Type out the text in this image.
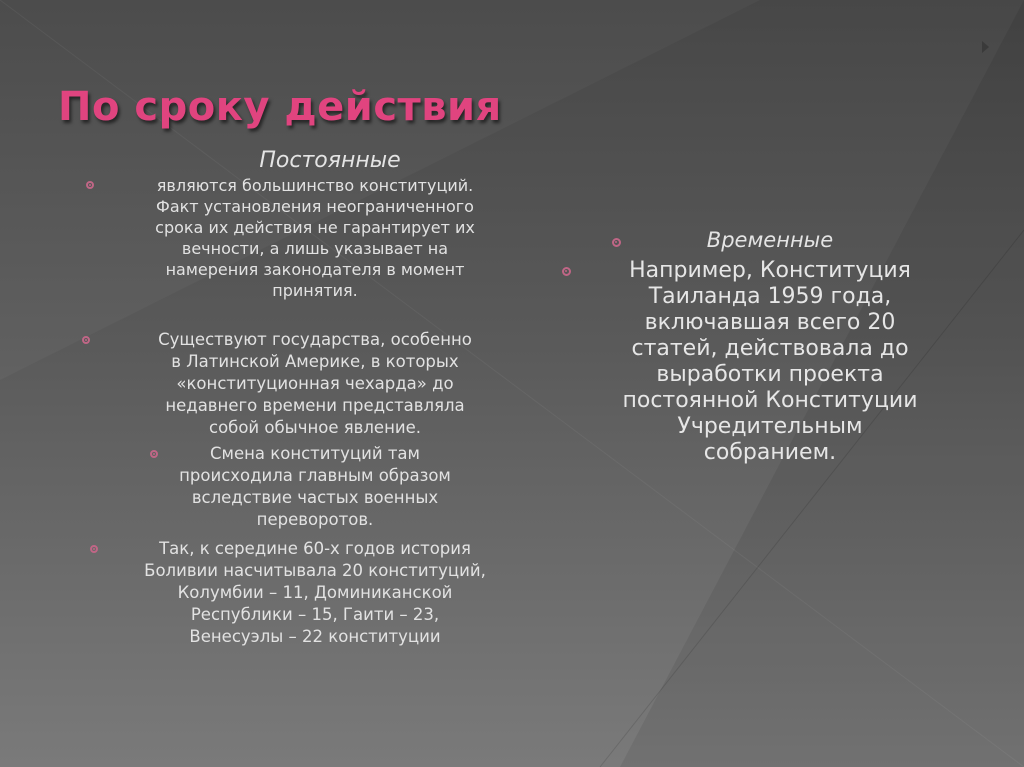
По сроку действия
Постоянные
являются большинство конституций.
Факт установления неограниченного
срока их действия не гарантирует их
вечности, а лишь указывает на
намерения законодателя в момент
принятия.
Существуют государства, особенно
в Латинской Америке, в которых
«конституционная чехарда» до
недавнего времени представляла
собой обычное явление.
Смена конституций там
происходила главным образом
вследствие частых военных
переворотов.
Так, к середине 60-х годов история
Боливии насчитывала 20 конституций,
Колумбии – 11, Доминиканской
Республики – 15, Гаити – 23,
Венесуэлы – 22 конституции
Временные
Например, Конституция
Таиланда 1959 года,
включавшая всего 20
статей, действовала до
выработки проекта
постоянной Конституции
Учредительным
собранием.
